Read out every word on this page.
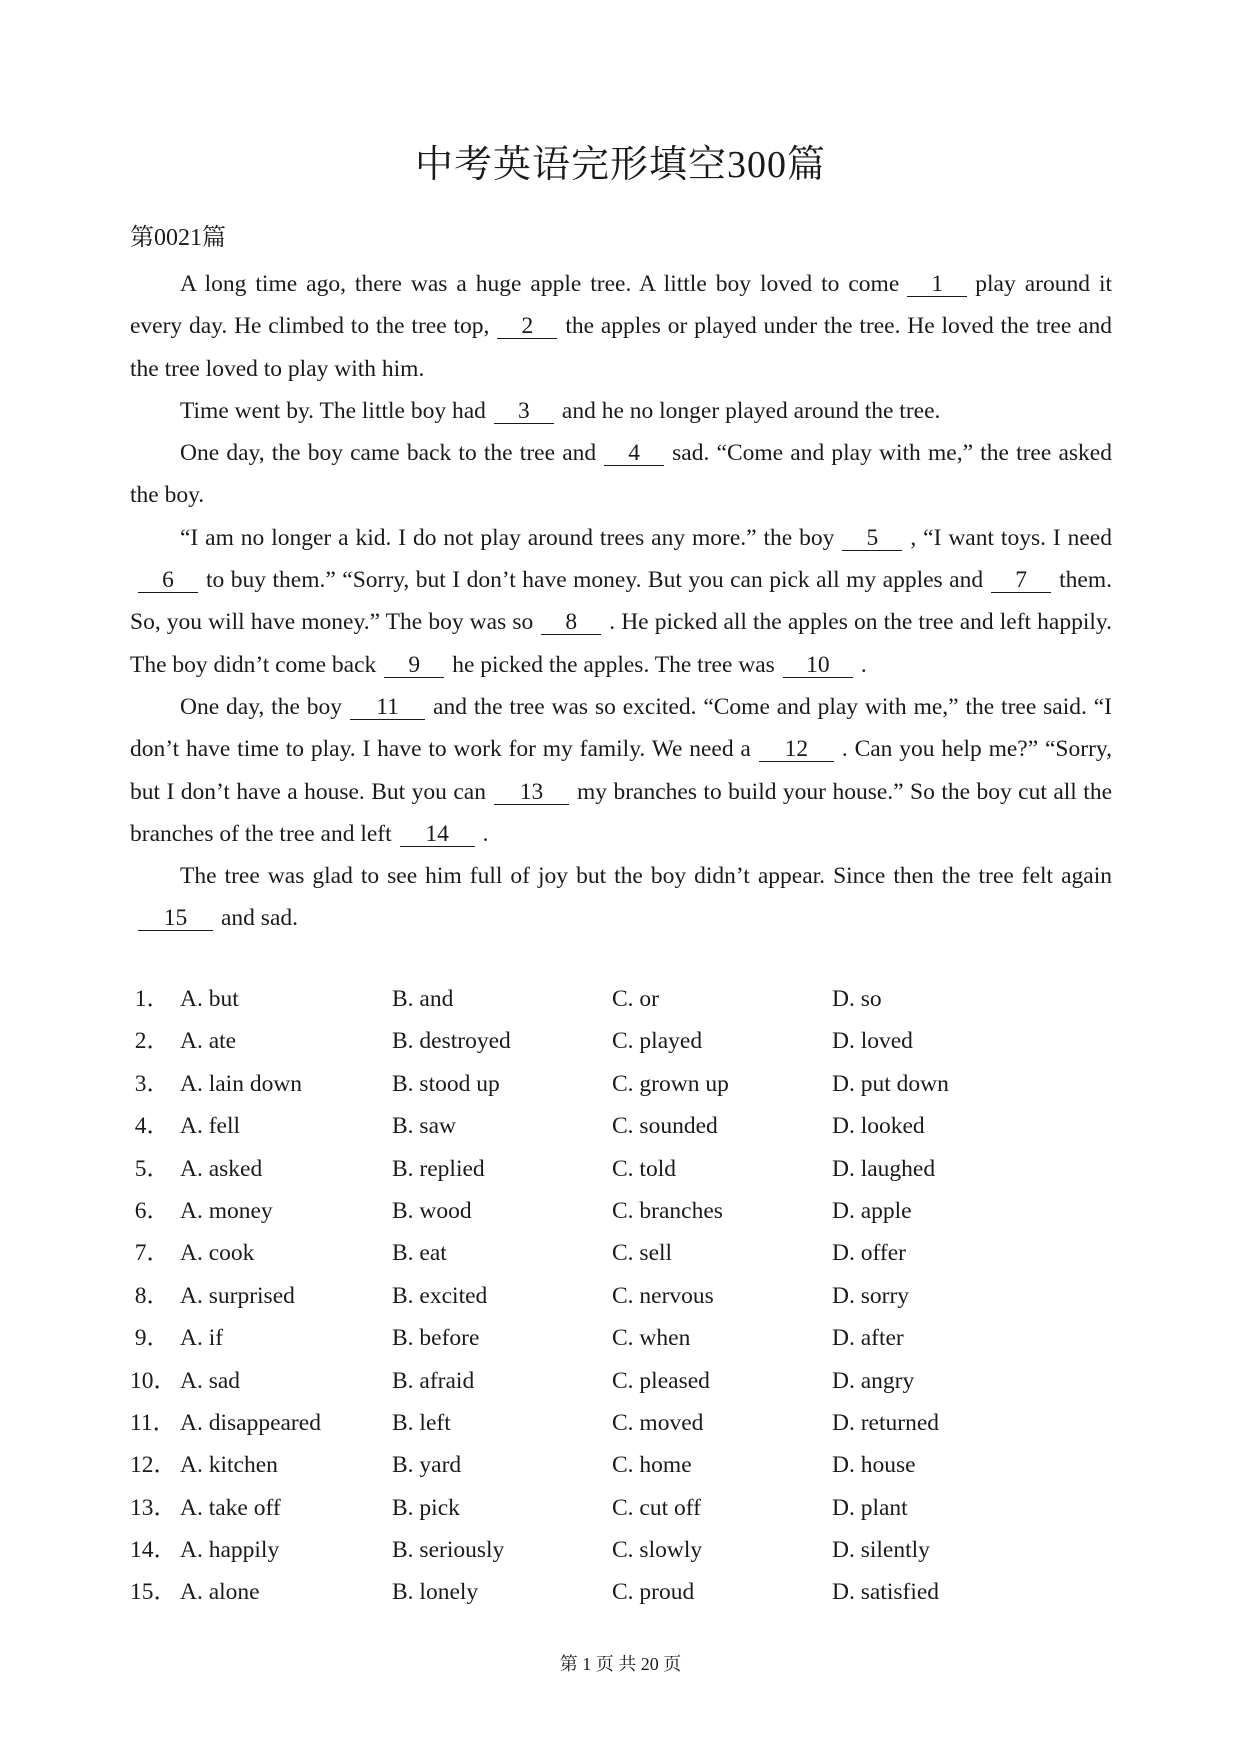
中考英语完形填空300篇
第0021篇

A long time ago, there was a huge apple tree. A little boy loved to come 1 play around it every day. He climbed to the tree top, 2 the apples or played under the tree. He loved the tree and the tree loved to play with him.

Time went by. The little boy had 3 and he no longer played around the tree.

One day, the boy came back to the tree and 4 sad. “Come and play with me,” the tree asked the boy.

“I am no longer a kid. I do not play around trees any more.” the boy 5 , “I want toys. I need6 to buy them.” “Sorry, but I don’t have money. But you can pick all my apples and 7 them. So, you will have money.” The boy was so 8 . He picked all the apples on the tree and left happily. The boy didn’t come back 9 he picked the apples. The tree was 10 .

One day, the boy 11 and the tree was so excited. “Come and play with me,” the tree said. “I don’t have time to play. I have to work for my family. We need a 12 . Can you help me?” “Sorry, but I don’t have a house. But you can 13 my branches to build your house.” So the boy cut all the branches of the tree and left 14 .

The tree was glad to see him full of joy but the boy didn’t appear. Since then the tree felt again15 and sad.

1． A. but	B. and	C. or	D. so
2． A. ate	B. destroyed	C. played	D. loved
3． A. lain down	B. stood up	C. grown up	D. put down
4． A. fell	B. saw	C. sounded	D. looked
5． A. asked	B. replied	C. told	D. laughed
6． A. money	B. wood	C. branches	D. apple
7． A. cook	B. eat	C. sell	D. offer
8． A. surprised	B. excited	C. nervous	D. sorry
9． A. if	B. before	C. when	D. after
10． A. sad	B. afraid	C. pleased	D. angry
11． A. disappeared	B. left	C. moved	D. returned
12． A. kitchen	B. yard	C. home	D. house
13． A. take off	B. pick	C. cut off	D. plant
14． A. happily	B. seriously	C. slowly	D. silently
15． A. alone	B. lonely	C. proud	D. satisfied
第 1 页 共 20 页
